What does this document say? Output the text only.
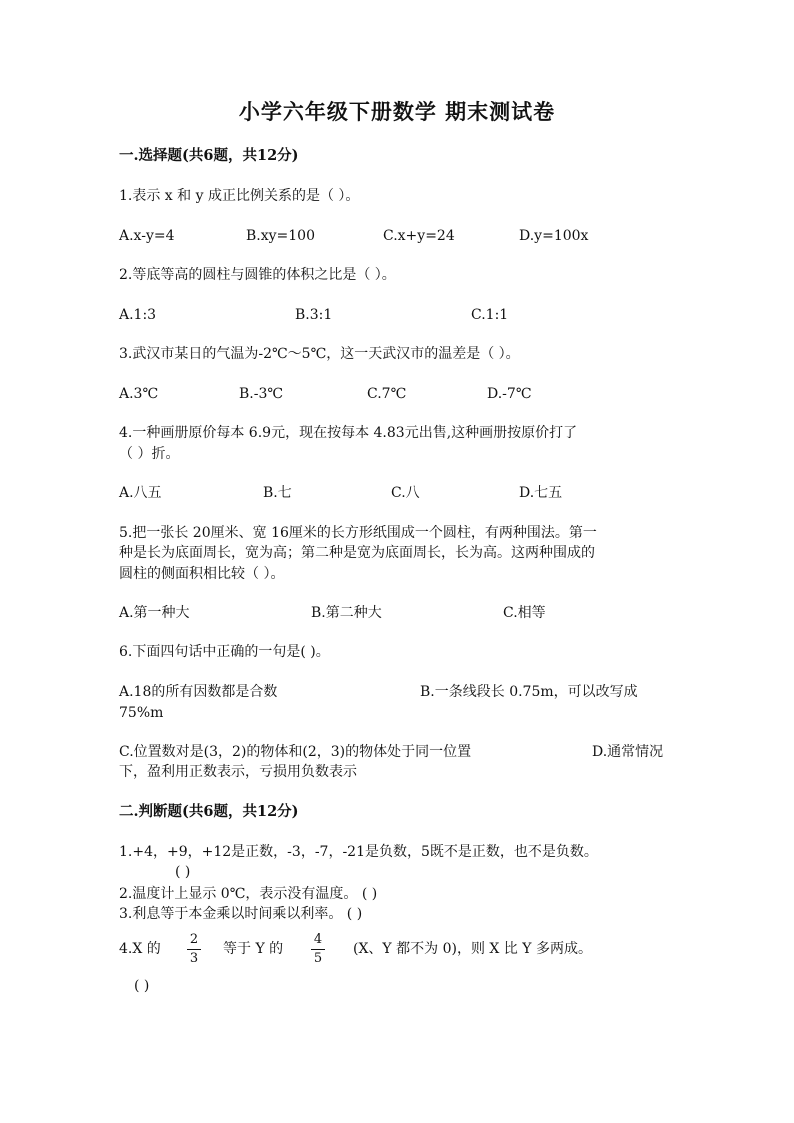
小学六年级下册数学 期末测试卷
一.选择题(共6题，共12分)
1.表示 x 和 y 成正比例关系的是（ ）。
A.x-y=4	B.xy=100	C.x+y=24	D.y=100x
2.等底等高的圆柱与圆锥的体积之比是（ ）。
A.1:3	B.3:1	C.1:1
3.武汉市某日的气温为-2℃～5℃，这一天武汉市的温差是（ ）。
A.3℃	B.-3℃	C.7℃	D.-7℃
4.一种画册原价每本 6.9元，现在按每本 4.83元出售,这种画册按原价打了
（ ）折。
A.八五	B.七	C.八	D.七五
5.把一张长 20厘米、宽 16厘米的长方形纸围成一个圆柱，有两种围法。第一
种是长为底面周长，宽为高；第二种是宽为底面周长，长为高。这两种围成的
圆柱的侧面积相比较（ ）。
A.第一种大	B.第二种大	C.相等
6.下面四句话中正确的一句是( )。
A.18的所有因数都是合数	B.一条线段长 0.75m，可以改写成
75%m
C.位置数对是(3，2)的物体和(2，3)的物体处于同一位置	D.通常情况
下，盈利用正数表示，亏损用负数表示
二.判断题(共6题，共12分)
1.+4，+9，+12是正数，-3，-7，-21是负数，5既不是正数，也不是负数。
( )
2.温度计上显示 0℃，表示没有温度。 ( )
3.利息等于本金乘以时间乘以利率。 ( )
4.X 的
2
3
等于 Y 的
4
5
(X、Y 都不为 0)，则 X 比 Y 多两成。
( )
